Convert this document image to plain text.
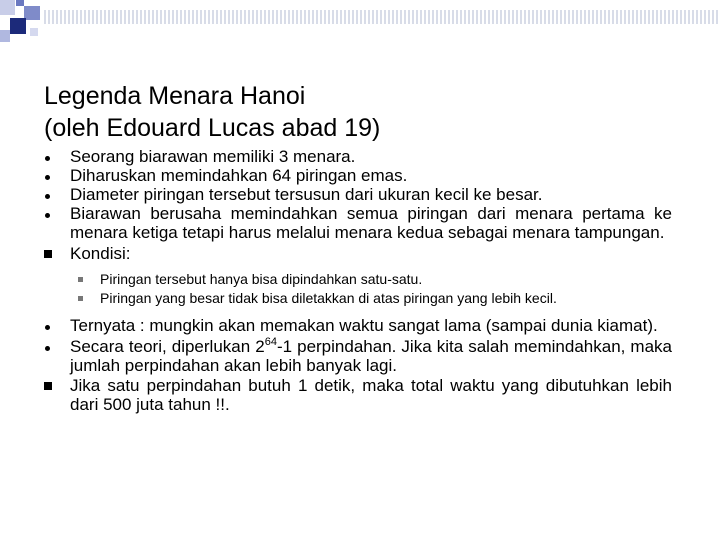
Legenda Menara Hanoi
(oleh Edouard Lucas abad 19)
Seorang biarawan memiliki 3 menara.
Diharuskan memindahkan 64 piringan emas.
Diameter piringan tersebut tersusun dari ukuran kecil ke besar.
Biarawan berusaha memindahkan semua piringan dari menara pertama ke menara ketiga tetapi harus melalui menara kedua sebagai menara tampungan.
Kondisi:
Piringan tersebut hanya bisa dipindahkan satu-satu.
Piringan yang besar tidak bisa diletakkan di atas piringan yang lebih kecil.
Ternyata : mungkin akan memakan waktu sangat lama (sampai dunia kiamat).
Secara teori, diperlukan $2^{64}-1$ perpindahan. Jika kita salah memindahkan, maka jumlah perpindahan akan lebih banyak lagi.
Jika satu perpindahan butuh 1 detik, maka total waktu yang dibutuhkan lebih dari 500 juta tahun !!.
